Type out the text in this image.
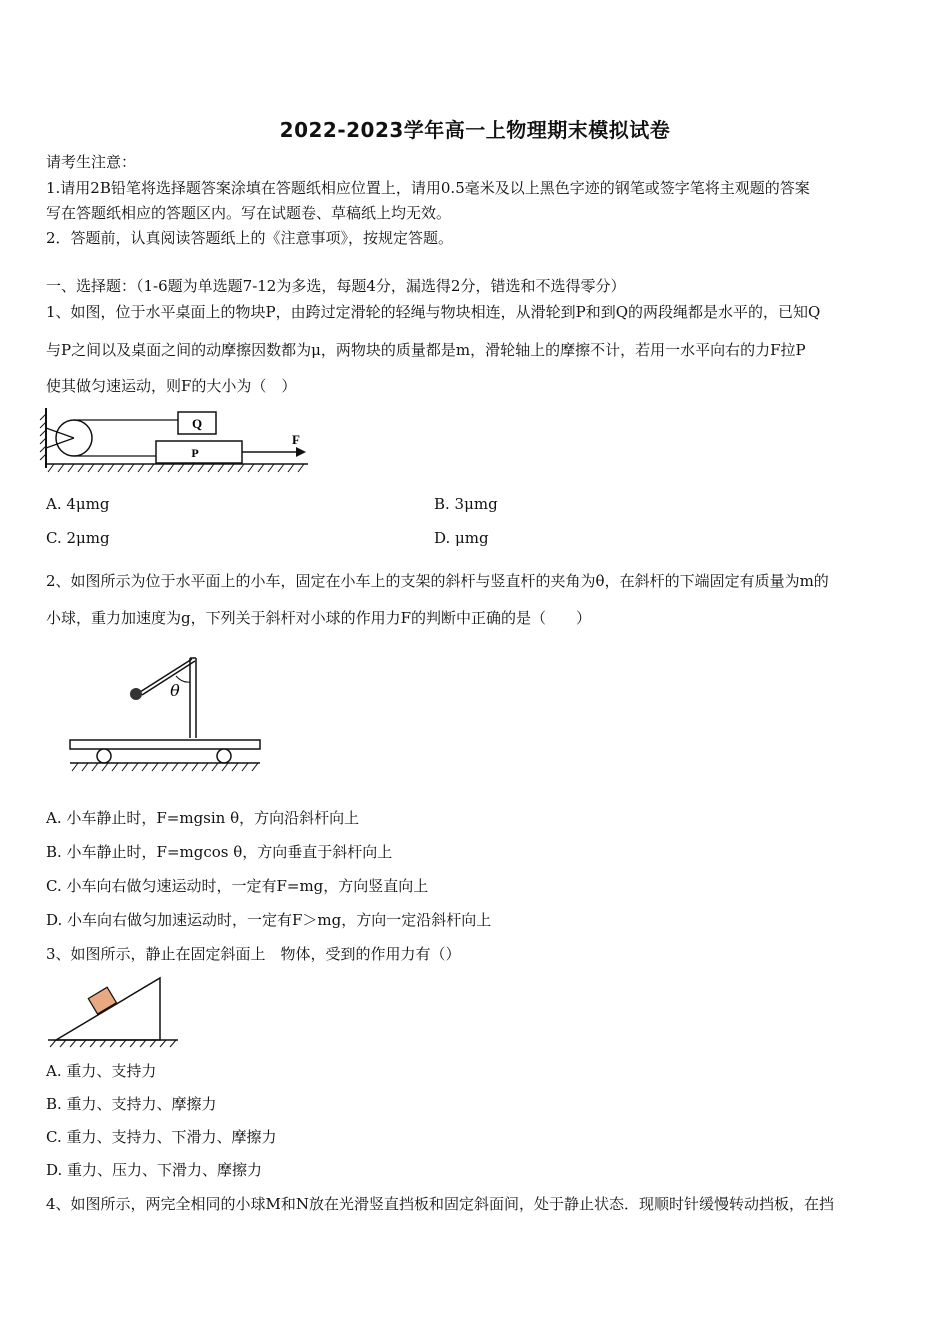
2022-2023学年高一上物理期末模拟试卷
请考生注意：
1.请用2B铅笔将选择题答案涂填在答题纸相应位置上，请用0.5毫米及以上黑色字迹的钢笔或签字笔将主观题的答案
写在答题纸相应的答题区内。写在试题卷、草稿纸上均无效。
2．答题前，认真阅读答题纸上的《注意事项》，按规定答题。
一、选择题：（1-6题为单选题7-12为多选，每题4分，漏选得2分，错选和不选得零分）
1、如图，位于水平桌面上的物块P，由跨过定滑轮的轻绳与物块相连，从滑轮到P和到Q的两段绳都是水平的，已知Q
与P之间以及桌面之间的动摩擦因数都为μ，两物块的质量都是m，滑轮轴上的摩擦不计，若用一水平向右的力F拉P
使其做匀速运动，则F的大小为（　）
Q
P
F
A. 4μmg	B. 3μmg
C. 2μmg	D. μmg
2、如图所示为位于水平面上的小车，固定在小车上的支架的斜杆与竖直杆的夹角为θ，在斜杆的下端固定有质量为m的
小球，重力加速度为g，下列关于斜杆对小球的作用力F的判断中正确的是（　　）
θ
A. 小车静止时，F=mgsin θ，方向沿斜杆向上
B. 小车静止时，F=mgcos θ，方向垂直于斜杆向上
C. 小车向右做匀速运动时，一定有F=mg，方向竖直向上
D. 小车向右做匀加速运动时，一定有F＞mg，方向一定沿斜杆向上
3、如图所示，静止在固定斜面上　物体，受到的作用力有（）
A. 重力、支持力
B. 重力、支持力、摩擦力
C. 重力、支持力、下滑力、摩擦力
D. 重力、压力、下滑力、摩擦力
4、如图所示，两完全相同的小球M和N放在光滑竖直挡板和固定斜面间，处于静止状态．现顺时针缓慢转动挡板，在挡
